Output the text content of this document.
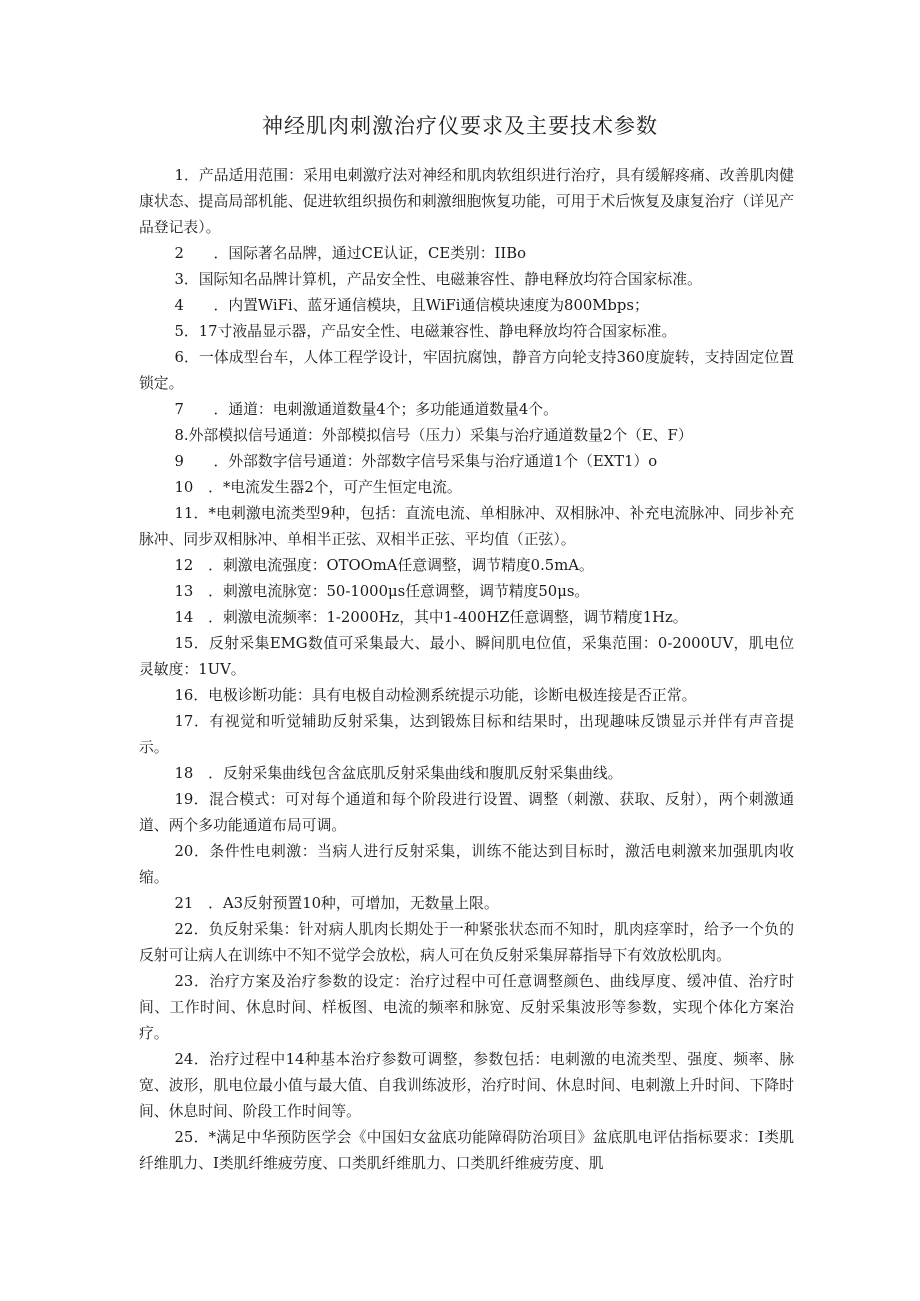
神经肌肉刺激治疗仪要求及主要技术参数

1．产品适用范围：采用电刺激疗法对神经和肌肉软组织进行治疗，具有缓解疼痛、改善肌肉健康状态、提高局部机能、促进软组织损伤和刺激细胞恢复功能，可用于术后恢复及康复治疗（详见产品登记表）。

2　　．国际著名品牌，通过CE认证，CE类别：IIBo

3．国际知名品牌计算机，产品安全性、电磁兼容性、静电释放均符合国家标准。

4　　．内置WiFi、蓝牙通信模块，且WiFi通信模块速度为800Mbps；

5．17寸液晶显示器，产品安全性、电磁兼容性、静电释放均符合国家标准。

6．一体成型台车，人体工程学设计，牢固抗腐蚀，静音方向轮支持360度旋转，支持固定位置锁定。

7　　．通道：电刺激通道数量4个；多功能通道数量4个。

8.外部模拟信号通道：外部模拟信号（压力）采集与治疗通道数量2个（E、F）

9　　．外部数字信号通道：外部数字信号采集与治疗通道1个（EXT1）o

10　．*电流发生器2个，可产生恒定电流。

11．*电刺激电流类型9种，包括：直流电流、单相脉冲、双相脉冲、补充电流脉冲、同步补充脉冲、同步双相脉冲、单相半正弦、双相半正弦、平均值（正弦）。

12　．刺激电流强度：OTOOmA任意调整，调节精度0.5mA。

13　．刺激电流脉宽：50-1000μs任意调整，调节精度50μs。

14　．刺激电流频率：1-2000Hz，其中1-400HZ任意调整，调节精度1Hz。

15．反射采集EMG数值可采集最大、最小、瞬间肌电位值，采集范围：0-2000UV，肌电位灵敏度：1UV。

16．电极诊断功能：具有电极自动检测系统提示功能，诊断电极连接是否正常。

17．有视觉和听觉辅助反射采集，达到锻炼目标和结果时，出现趣味反馈显示并伴有声音提示。

18　．反射采集曲线包含盆底肌反射采集曲线和腹肌反射采集曲线。

19．混合模式：可对每个通道和每个阶段进行设置、调整（刺激、获取、反射），两个刺激通道、两个多功能通道布局可调。

20．条件性电刺激：当病人进行反射采集，训练不能达到目标时，激活电刺激来加强肌肉收缩。

21　．A3反射预置10种，可增加，无数量上限。

22．负反射采集：针对病人肌肉长期处于一种紧张状态而不知时，肌肉痉挛时，给予一个负的反射可让病人在训练中不知不觉学会放松，病人可在负反射采集屏幕指导下有效放松肌肉。

23．治疗方案及治疗参数的设定：治疗过程中可任意调整颜色、曲线厚度、缓冲值、治疗时间、工作时间、休息时间、样板图、电流的频率和脉宽、反射采集波形等参数，实现个体化方案治疗。

24．治疗过程中14种基本治疗参数可调整，参数包括：电刺激的电流类型、强度、频率、脉宽、波形，肌电位最小值与最大值、自我训练波形，治疗时间、休息时间、电刺激上升时间、下降时间、休息时间、阶段工作时间等。

25．*满足中华预防医学会《中国妇女盆底功能障碍防治项目》盆底肌电评估指标要求：I类肌纤维肌力、I类肌纤维疲劳度、口类肌纤维肌力、口类肌纤维疲劳度、肌
